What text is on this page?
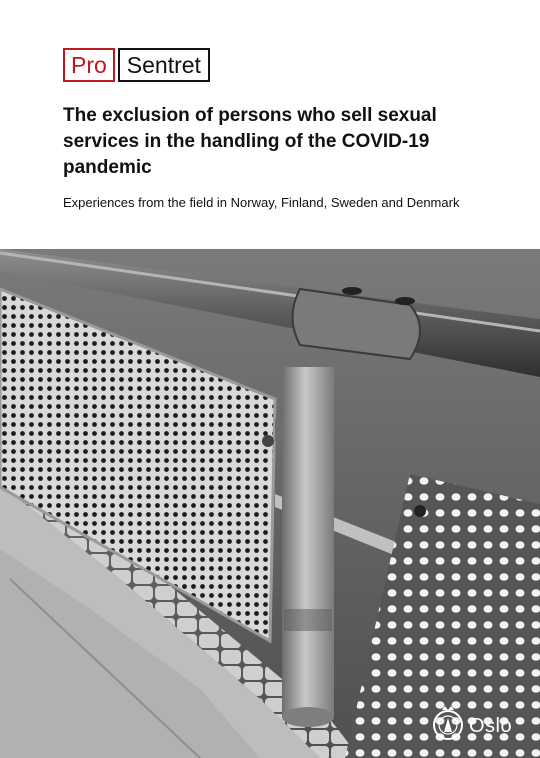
Pro Sentret
The exclusion of persons who sell sexual services in the handling of the COVID-19 pandemic

Experiences from the field in Norway, Finland, Sweden and Denmark

Oslo
